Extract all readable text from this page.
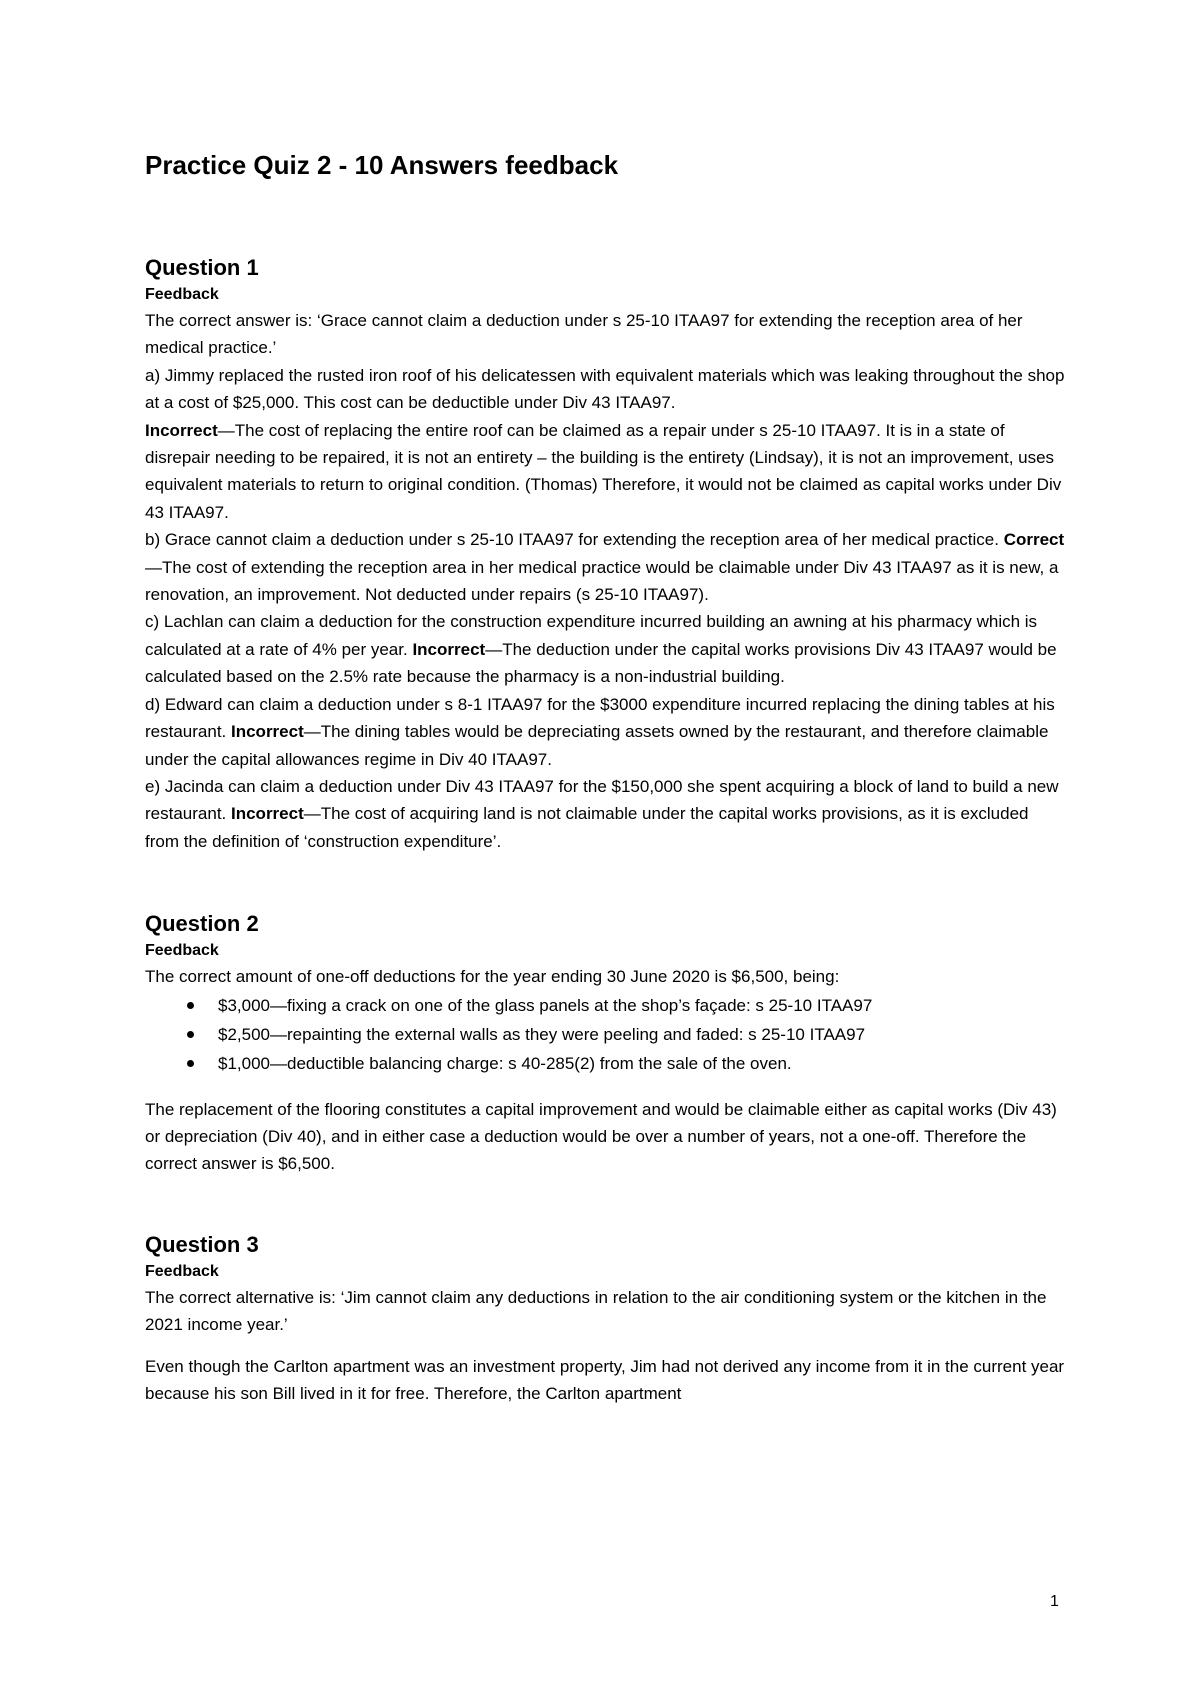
Practice Quiz 2 - 10 Answers feedback
Question 1
Feedback

The correct answer is: ‘Grace cannot claim a deduction under s 25-10 ITAA97 for extending the reception area of her medical practice.’

a) Jimmy replaced the rusted iron roof of his delicatessen with equivalent materials which was leaking throughout the shop at a cost of $25,000. This cost can be deductible under Div 43 ITAA97.
Incorrect—The cost of replacing the entire roof can be claimed as a repair under s 25-10 ITAA97. It is in a state of disrepair needing to be repaired, it is not an entirety – the building is the entirety (Lindsay), it is not an improvement, uses equivalent materials to return to original condition. (Thomas) Therefore, it would not be claimed as capital works under Div 43 ITAA97.

b) Grace cannot claim a deduction under s 25-10 ITAA97 for extending the reception area of her medical practice. Correct—The cost of extending the reception area in her medical practice would be claimable under Div 43 ITAA97 as it is new, a renovation, an improvement. Not deducted under repairs (s 25-10 ITAA97).

c) Lachlan can claim a deduction for the construction expenditure incurred building an awning at his pharmacy which is calculated at a rate of 4% per year. Incorrect—The deduction under the capital works provisions Div 43 ITAA97 would be calculated based on the 2.5% rate because the pharmacy is a non-industrial building.

d) Edward can claim a deduction under s 8-1 ITAA97 for the $3000 expenditure incurred replacing the dining tables at his restaurant. Incorrect—The dining tables would be depreciating assets owned by the restaurant, and therefore claimable under the capital allowances regime in Div 40 ITAA97.

e) Jacinda can claim a deduction under Div 43 ITAA97 for the $150,000 she spent acquiring a block of land to build a new restaurant. Incorrect—The cost of acquiring land is not claimable under the capital works provisions, as it is excluded from the definition of ‘construction expenditure’.

Question 2
Feedback

The correct amount of one-off deductions for the year ending 30 June 2020 is $6,500, being:

$3,000—fixing a crack on one of the glass panels at the shop’s façade: s 25-10 ITAA97
$2,500—repainting the external walls as they were peeling and faded: s 25-10 ITAA97
$1,000—deductible balancing charge: s 40-285(2) from the sale of the oven.

The replacement of the flooring constitutes a capital improvement and would be claimable either as capital works (Div 43) or depreciation (Div 40), and in either case a deduction would be over a number of years, not a one-off. Therefore the correct answer is $6,500.

Question 3
Feedback

The correct alternative is: ‘Jim cannot claim any deductions in relation to the air conditioning system or the kitchen in the 2021 income year.’

Even though the Carlton apartment was an investment property, Jim had not derived any income from it in the current year because his son Bill lived in it for free. Therefore, the Carlton apartment

1
